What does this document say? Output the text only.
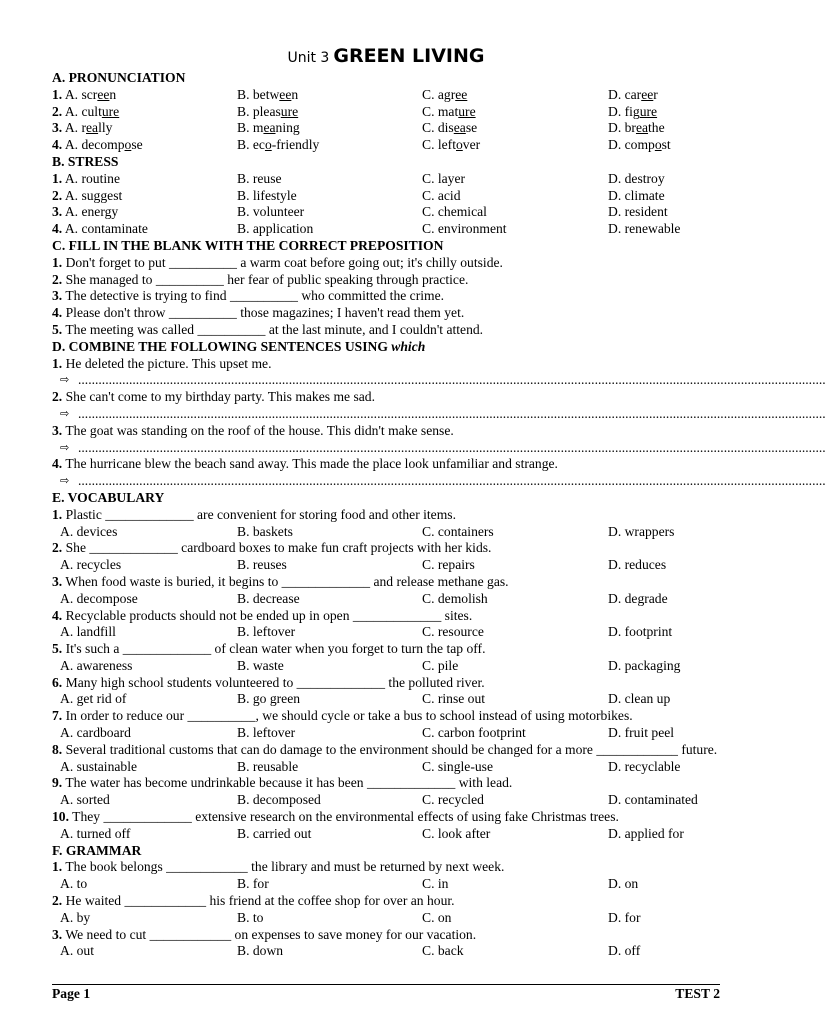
Unit 3 GREEN LIVING
A. PRONUNCIATION
1. A. screen	B. between	C. agree	D. career
2. A. culture	B. pleasure	C. mature	D. figure
3. A. really	B. meaning	C. disease	D. breathe
4. A. decompose	B. eco-friendly	C. leftover	D. compost
B. STRESS
1. A. routine	B. reuse	C. layer	D. destroy
2. A. suggest	B. lifestyle	C. acid	D. climate
3. A. energy	B. volunteer	C. chemical	D. resident
4. A. contaminate	B. application	C. environment	D. renewable
C. FILL IN THE BLANK WITH THE CORRECT PREPOSITION
1. Don't forget to put __________ a warm coat before going out; it's chilly outside.
2. She managed to __________ her fear of public speaking through practice.
3. The detective is trying to find __________ who committed the crime.
4. Please don't throw __________ those magazines; I haven't read them yet.
5. The meeting was called __________ at the last minute, and I couldn't attend.
D. COMBINE THE FOLLOWING SENTENCES USING which
1. He deleted the picture. This upset me.
⇨ ............................................................................................................................................................................................................................
2. She can't come to my birthday party. This makes me sad.
⇨ ............................................................................................................................................................................................................................
3. The goat was standing on the roof of the house. This didn't make sense.
⇨ ............................................................................................................................................................................................................................
4. The hurricane blew the beach sand away. This made the place look unfamiliar and strange.
⇨ ............................................................................................................................................................................................................................
E. VOCABULARY
1. Plastic _____________ are convenient for storing food and other items.
A. devices	B. baskets	C. containers	D. wrappers
2. She _____________ cardboard boxes to make fun craft projects with her kids.
A. recycles	B. reuses	C. repairs	D. reduces
3. When food waste is buried, it begins to _____________ and release methane gas.
A. decompose	B. decrease	C. demolish	D. degrade
4. Recyclable products should not be ended up in open _____________ sites.
A. landfill	B. leftover	C. resource	D. footprint
5. It's such a _____________ of clean water when you forget to turn the tap off.
A. awareness	B. waste	C. pile	D. packaging
6. Many high school students volunteered to _____________ the polluted river.
A. get rid of	B. go green	C. rinse out	D. clean up
7. In order to reduce our __________, we should cycle or take a bus to school instead of using motorbikes.
A. cardboard	B. leftover	C. carbon footprint	D. fruit peel
8. Several traditional customs that can do damage to the environment should be changed for a more ____________ future.
A. sustainable	B. reusable	C. single-use	D. recyclable
9. The water has become undrinkable because it has been _____________ with lead.
A. sorted	B. decomposed	C. recycled	D. contaminated
10. They _____________ extensive research on the environmental effects of using fake Christmas trees.
A. turned off	B. carried out	C. look after	D. applied for
F. GRAMMAR
1. The book belongs ____________ the library and must be returned by next week.
A. to	B. for	C. in	D. on
2. He waited ____________ his friend at the coffee shop for over an hour.
A. by	B. to	C. on	D. for
3. We need to cut ____________ on expenses to save money for our vacation.
A. out	B. down	C. back	D. off
Page 1	TEST 2
